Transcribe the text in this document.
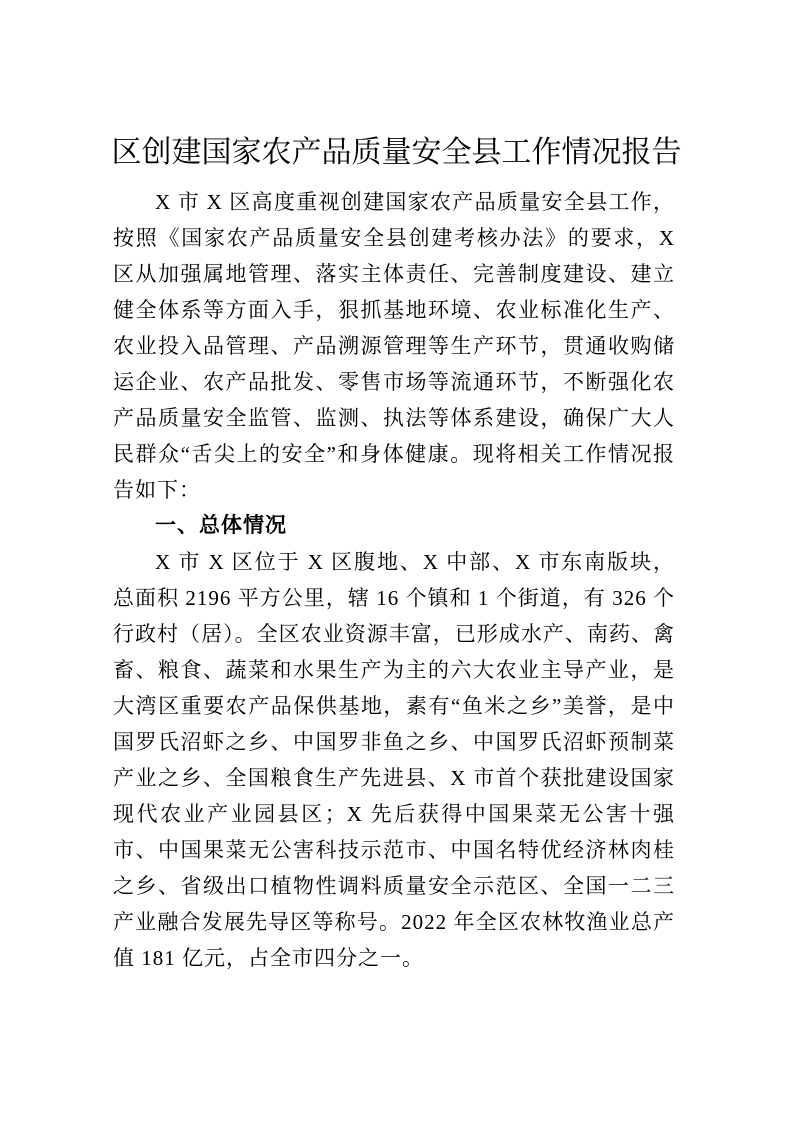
区创建国家农产品质量安全县工作情况报告

X 市 X 区高度重视创建国家农产品质量安全县工作，按照《国家农产品质量安全县创建考核办法》的要求，X 区从加强属地管理、落实主体责任、完善制度建设、建立健全体系等方面入手，狠抓基地环境、农业标准化生产、农业投入品管理、产品溯源管理等生产环节，贯通收购储运企业、农产品批发、零售市场等流通环节，不断强化农产品质量安全监管、监测、执法等体系建设，确保广大人民群众“舌尖上的安全”和身体健康。现将相关工作情况报告如下：

一、总体情况

X 市 X 区位于 X 区腹地、X 中部、X 市东南版块，总面积 2196 平方公里，辖 16 个镇和 1 个街道，有 326 个行政村（居）。全区农业资源丰富，已形成水产、南药、禽畜、粮食、蔬菜和水果生产为主的六大农业主导产业，是大湾区重要农产品保供基地，素有“鱼米之乡”美誉，是中国罗氏沼虾之乡、中国罗非鱼之乡、中国罗氏沼虾预制菜产业之乡、全国粮食生产先进县、X 市首个获批建设国家现代农业产业园县区；X 先后获得中国果菜无公害十强市、中国果菜无公害科技示范市、中国名特优经济林肉桂之乡、省级出口植物性调料质量安全示范区、全国一二三产业融合发展先导区等称号。2022 年全区农林牧渔业总产值 181 亿元，占全市四分之一。
